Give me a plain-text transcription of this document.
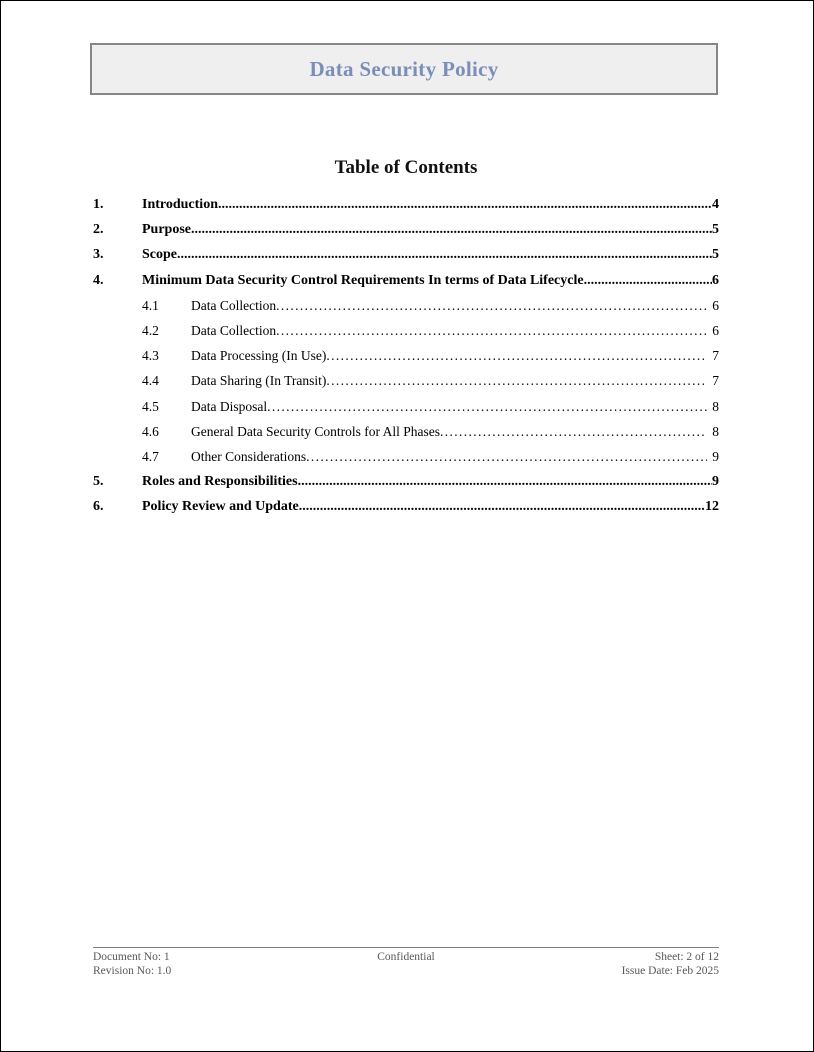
Data Security Policy
Table of Contents
1.	Introduction .....	4
2.	Purpose .....	5
3.	Scope .....	5
4.	Minimum Data Security Control Requirements In terms of Data Lifecycle .....	6
4.1	Data Collection . . .	6
4.2	Data Collection . . .	6
4.3	Data Processing (In Use) . . .	7
4.4	Data Sharing (In Transit) . . .	7
4.5	Data Disposal . . .	8
4.6	General Data Security Controls for All Phases . . .	8
4.7	Other Considerations . . .	9
5.	Roles and Responsibilities .....	9
6.	Policy Review and Update .....	12
Document No: 1
Revision No: 1.0
Confidential	Sheet: 2 of 12
Issue Date: Feb 2025
